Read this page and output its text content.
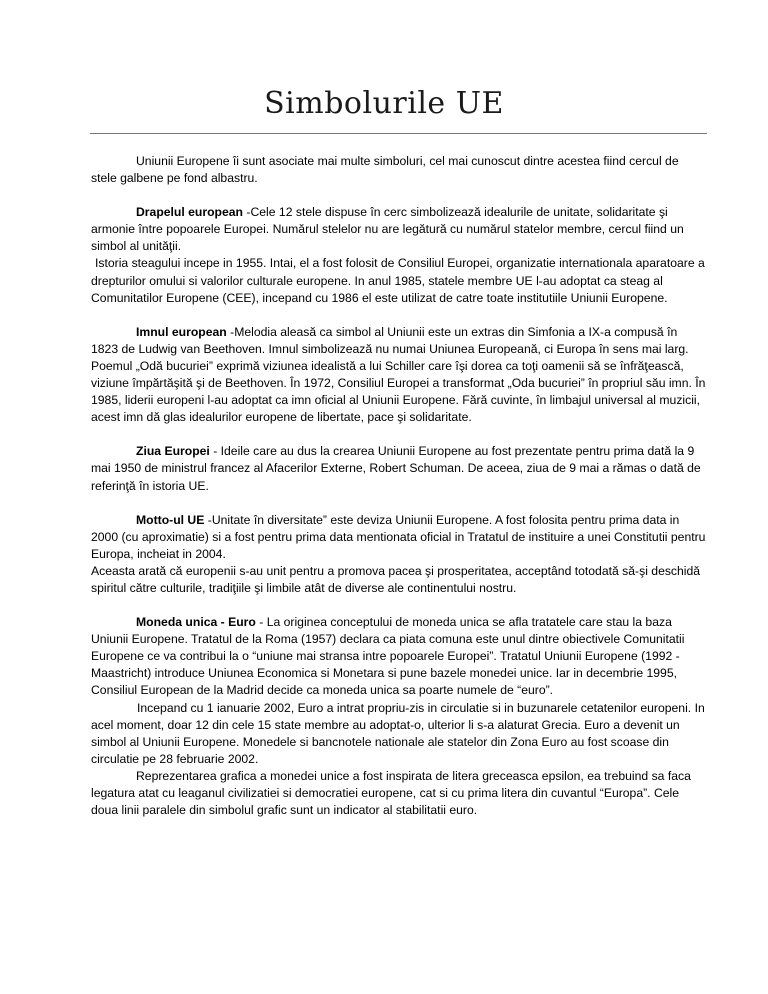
Simbolurile UE

Uniunii Europene îi sunt asociate mai multe simboluri, cel mai cunoscut dintre acestea fiind cercul de stele galbene pe fond albastru.

Drapelul european -Cele 12 stele dispuse în cerc simbolizează idealurile de unitate, solidaritate şi armonie între popoarele Europei. Numărul stelelor nu are legătură cu numărul statelor membre, cercul fiind un simbol al unităţii.

Istoria steagului incepe in 1955. Intai, el a fost folosit de Consiliul Europei, organizatie internationala aparatoare a drepturilor omului si valorilor culturale europene. In anul 1985, statele membre UE l-au adoptat ca steag al Comunitatilor Europene (CEE), incepand cu 1986 el este utilizat de catre toate institutiile Uniunii Europene.

Imnul european -Melodia aleasă ca simbol al Uniunii este un extras din Simfonia a IX-a compusă în 1823 de Ludwig van Beethoven. Imnul simbolizează nu numai Uniunea Europeană, ci Europa în sens mai larg. Poemul „Odă bucuriei” exprimă viziunea idealistă a lui Schiller care îşi dorea ca toţi oamenii să se înfrăţească, viziune împărtăşită şi de Beethoven. În 1972, Consiliul Europei a transformat „Oda bucuriei” în propriul său imn. În 1985, liderii europeni l-au adoptat ca imn oficial al Uniunii Europene. Fără cuvinte, în limbajul universal al muzicii, acest imn dă glas idealurilor europene de libertate, pace şi solidaritate.

Ziua Europei - Ideile care au dus la crearea Uniunii Europene au fost prezentate pentru prima dată la 9 mai 1950 de ministrul francez al Afacerilor Externe, Robert Schuman. De aceea, ziua de 9 mai a rămas o dată de referinţă în istoria UE.

Motto-ul UE -Unitate în diversitate” este deviza Uniunii Europene. A fost folosita pentru prima data in 2000 (cu aproximatie) si a fost pentru prima data mentionata oficial in Tratatul de instituire a unei Constitutii pentru Europa, incheiat in 2004.

Aceasta arată că europenii s-au unit pentru a promova pacea şi prosperitatea, acceptând totodată să-şi deschidă spiritul către culturile, tradiţiile şi limbile atât de diverse ale continentului nostru.

Moneda unica - Euro - La originea conceptului de moneda unica se afla tratatele care stau la baza Uniunii Europene. Tratatul de la Roma (1957) declara ca piata comuna este unul dintre obiectivele Comunitatii Europene ce va contribui la o “uniune mai stransa intre popoarele Europei”. Tratatul Uniunii Europene (1992 - Maastricht) introduce Uniunea Economica si Monetara si pune bazele monedei unice. Iar in decembrie 1995, Consiliul European de la Madrid decide ca moneda unica sa poarte numele de “euro”.

Incepand cu 1 ianuarie 2002, Euro a intrat propriu-zis in circulatie si in buzunarele cetatenilor europeni. In acel moment, doar 12 din cele 15 state membre au adoptat-o, ulterior li s-a alaturat Grecia. Euro a devenit un simbol al Uniunii Europene. Monedele si bancnotele nationale ale statelor din Zona Euro au fost scoase din circulatie pe 28 februarie 2002.

Reprezentarea grafica a monedei unice a fost inspirata de litera greceasca epsilon, ea trebuind sa faca legatura atat cu leaganul civilizatiei si democratiei europene, cat si cu prima litera din cuvantul “Europa”. Cele doua linii paralele din simbolul grafic sunt un indicator al stabilitatii euro.
